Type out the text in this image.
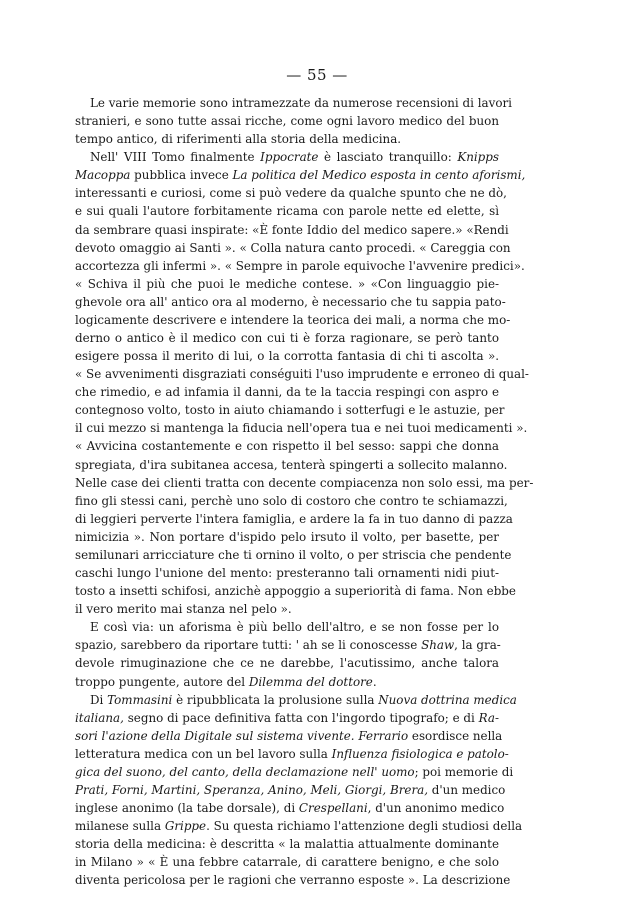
— 55 —
Le varie memorie sono intramezzate da numerose recensioni di lavori
stranieri, e sono tutte assai ricche, come ogni lavoro medico del buon
tempo antico, di riferimenti alla storia della medicina.
Nell' VIII Tomo finalmente Ippocrate è lasciato tranquillo: Knipps
Macoppa pubblica invece La politica del Medico esposta in cento aforismi,
interessanti e curiosi, come si può vedere da qualche spunto che ne dò,
e sui quali l'autore forbitamente ricama con parole nette ed elette, sì
da sembrare quasi inspirate: «È fonte Iddio del medico sapere.» «Rendi
devoto omaggio ai Santi ». « Colla natura canto procedi. « Careggia con
accortezza gli infermi ». « Sempre in parole equivoche l'avvenire predici».
« Schiva il più che puoi le mediche contese. » «Con linguaggio pie-
ghevole ora all' antico ora al moderno, è necessario che tu sappia pato-
logicamente descrivere e intendere la teorica dei mali, a norma che mo-
derno o antico è il medico con cui ti è forza ragionare, se però tanto
esigere possa il merito di lui, o la corrotta fantasia di chi ti ascolta ».
« Se avvenimenti disgraziati conséguiti l'uso imprudente e erroneo di qual-
che rimedio, e ad infamia il danni, da te la taccia respingi con aspro e
contegnoso volto, tosto in aiuto chiamando i sotterfugi e le astuzie, per
il cui mezzo si mantenga la fiducia nell'opera tua e nei tuoi medicamenti ».
« Avvicina costantemente e con rispetto il bel sesso: sappi che donna
spregiata, d'ira subitanea accesa, tenterà spingerti a sollecito malanno.
Nelle case dei clienti tratta con decente compiacenza non solo essi, ma per-
fino gli stessi cani, perchè uno solo di costoro che contro te schiamazzi,
di leggieri perverte l'intera famiglia, e ardere la fa in tuo danno di pazza
nimicizia ». Non portare d'ispido pelo irsuto il volto, per basette, per
semilunari arricciature che ti ornino il volto, o per striscia che pendente
caschi lungo l'unione del mento: presteranno tali ornamenti nidi piut-
tosto a insetti schifosi, anzichè appoggio a superiorità di fama. Non ebbe
il vero merito mai stanza nel pelo ».
E così via: un aforisma è più bello dell'altro, e se non fosse per lo
spazio, sarebbero da riportare tutti: ' ah se li conoscesse Shaw, la gra-
devole rimuginazione che ce ne darebbe, l'acutissimo, anche talora
troppo pungente, autore del Dilemma del dottore.
Di Tommasini è ripubblicata la prolusione sulla Nuova dottrina medica
italiana, segno di pace definitiva fatta con l'ingordo tipografo; e di Ra-
sori l'azione della Digitale sul sistema vivente. Ferrario esordisce nella
letteratura medica con un bel lavoro sulla Influenza fisiologica e patolo-
gica del suono, del canto, della declamazione nell' uomo; poi memorie di
Prati, Forni, Martini, Speranza, Anino, Meli, Giorgi, Brera, d'un medico
inglese anonimo (la tabe dorsale), di Crespellani, d'un anonimo medico
milanese sulla Grippe. Su questa richiamo l'attenzione degli studiosi della
storia della medicina: è descritta « la malattia attualmente dominante
in Milano » « È una febbre catarrale, di carattere benigno, e che solo
diventa pericolosa per le ragioni che verranno esposte ». La descrizione
